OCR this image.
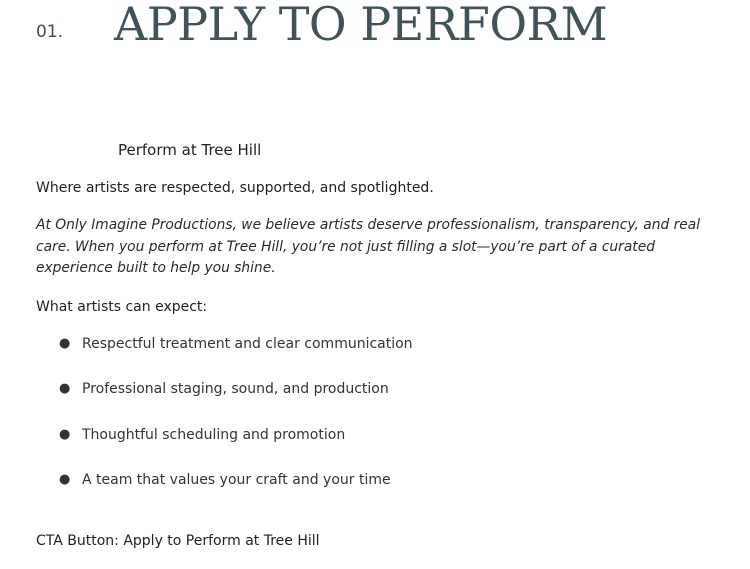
01.	APPLY TO PERFORM

Perform at Tree Hill

Where artists are respected, supported, and spotlighted.

At Only Imagine Productions, we believe artists deserve professionalism, transparency, and real care. When you perform at Tree Hill, you’re not just filling a slot—you’re part of a curated experience built to help you shine.

What artists can expect:

● Respectful treatment and clear communication
● Professional staging, sound, and production
● Thoughtful scheduling and promotion
● A team that values your craft and your time

CTA Button: Apply to Perform at Tree Hill
